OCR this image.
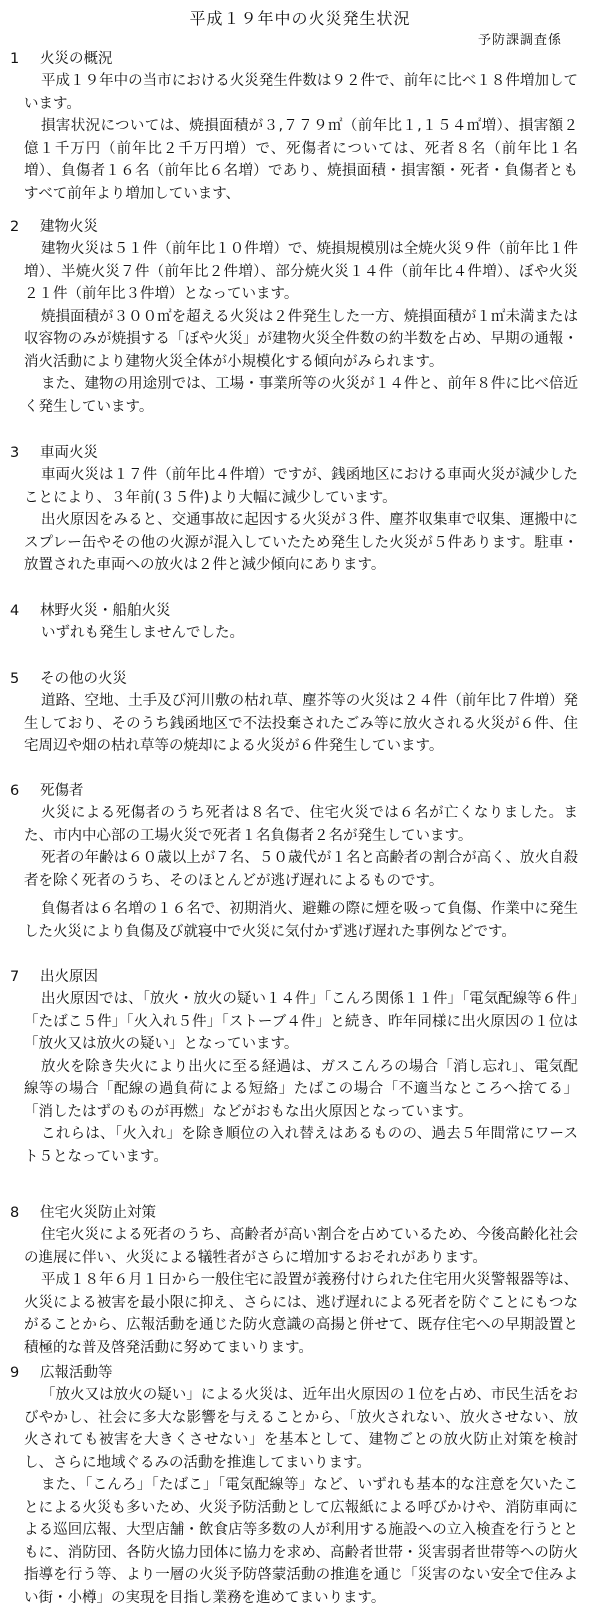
平成１９年中の火災発生状況
予防課調査係
1 火災の概況

平成１９年中の当市における火災発生件数は９２件で、前年に比べ１８件増加しています。

損害状況については、焼損面積が３,７７９㎡（前年比１,１５４㎡増）、損害額２億１千万円（前年比２千万円増）で、死傷者については、死者８名（前年比１名増）、負傷者１６名（前年比６名増）であり、焼損面積・損害額・死者・負傷者ともすべて前年より増加しています、

2 建物火災

建物火災は５１件（前年比１０件増）で、焼損規模別は全焼火災９件（前年比１件増）、半焼火災７件（前年比２件増）、部分焼火災１４件（前年比４件増）、ぼや火災２１件（前年比３件増）となっています。

焼損面積が３００㎡を超える火災は２件発生した一方、焼損面積が１㎡未満または収容物のみが焼損する「ぼや火災」が建物火災全件数の約半数を占め、早期の通報・消火活動により建物火災全体が小規模化する傾向がみられます。

また、建物の用途別では、工場・事業所等の火災が１４件と、前年８件に比べ倍近く発生しています。

3 車両火災

車両火災は１７件（前年比４件増）ですが、銭函地区における車両火災が減少したことにより、３年前(３５件)より大幅に減少しています。

出火原因をみると、交通事故に起因する火災が３件、塵芥収集車で収集、運搬中にスプレー缶やその他の火源が混入していたため発生した火災が５件あります。駐車・放置された車両への放火は２件と減少傾向にあります。

4 林野火災・船舶火災

いずれも発生しませんでした。

5 その他の火災

道路、空地、土手及び河川敷の枯れ草、塵芥等の火災は２４件（前年比７件増）発生しており、そのうち銭函地区で不法投棄されたごみ等に放火される火災が６件、住宅周辺や畑の枯れ草等の焼却による火災が６件発生しています。

6 死傷者

火災による死傷者のうち死者は８名で、住宅火災では６名が亡くなりました。また、市内中心部の工場火災で死者１名負傷者２名が発生しています。

死者の年齢は６０歳以上が７名、５０歳代が１名と高齢者の割合が高く、放火自殺者を除く死者のうち、そのほとんどが逃げ遅れによるものです。

負傷者は６名増の１６名で、初期消火、避難の際に煙を吸って負傷、作業中に発生した火災により負傷及び就寝中で火災に気付かず逃げ遅れた事例などです。

7 出火原因

出火原因では、「放火・放火の疑い１４件」「こんろ関係１１件」「電気配線等６件」「たばこ５件」「火入れ５件」「ストーブ４件」と続き、昨年同様に出火原因の１位は「放火又は放火の疑い」となっています。

放火を除き失火により出火に至る経過は、ガスこんろの場合「消し忘れ」、電気配線等の場合「配線の過負荷による短絡」たばこの場合「不適当なところへ捨てる」「消したはずのものが再燃」などがおもな出火原因となっています。

これらは、「火入れ」を除き順位の入れ替えはあるものの、過去５年間常にワースト５となっています。

8 住宅火災防止対策

住宅火災による死者のうち、高齢者が高い割合を占めているため、今後高齢化社会の進展に伴い、火災による犠牲者がさらに増加するおそれがあります。

平成１８年６月１日から一般住宅に設置が義務付けられた住宅用火災警報器等は、火災による被害を最小限に抑え、さらには、逃げ遅れによる死者を防ぐことにもつながることから、広報活動を通じた防火意識の高揚と併せて、既存住宅への早期設置と積極的な普及啓発活動に努めてまいります。

9 広報活動等

「放火又は放火の疑い」による火災は、近年出火原因の１位を占め、市民生活をおびやかし、社会に多大な影響を与えることから、「放火されない、放火させない、放火されても被害を大きくさせない」を基本として、建物ごとの放火防止対策を検討し、さらに地域ぐるみの活動を推進してまいります。

また、「こんろ」「たばこ」「電気配線等」など、いずれも基本的な注意を欠いたことによる火災も多いため、火災予防活動として広報紙による呼びかけや、消防車両による巡回広報、大型店舗・飲食店等多数の人が利用する施設への立入検査を行うとともに、消防団、各防火協力団体に協力を求め、高齢者世帯・災害弱者世帯等への防火指導を行う等、より一層の火災予防啓蒙活動の推進を通じ「災害のない安全で住みよい街・小樽」の実現を目指し業務を進めてまいります。
